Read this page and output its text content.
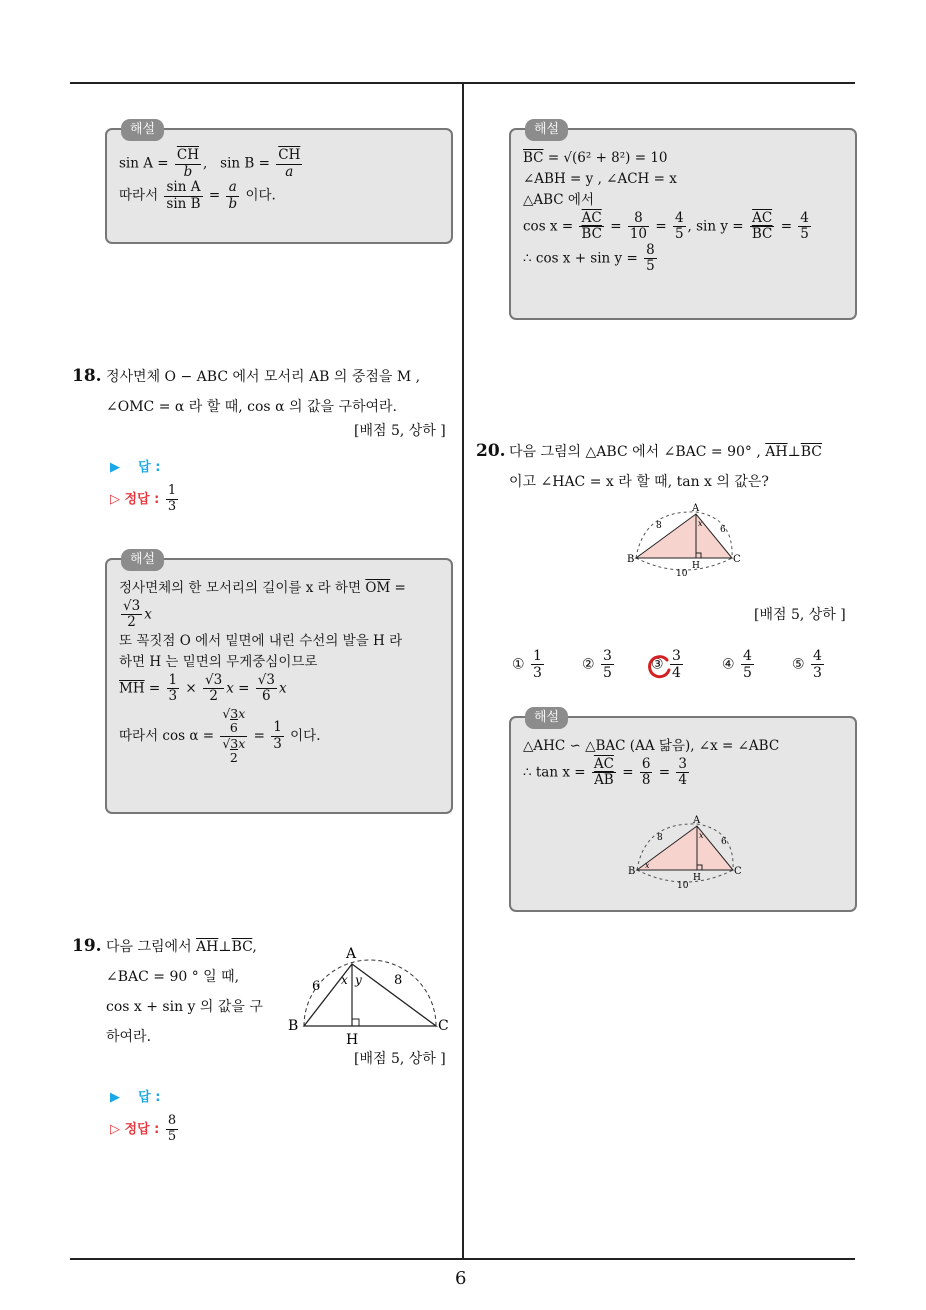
6
해설
$\sin A = \frac{\overline{CH}}{b}$ , $\sin B = \frac{\overline{CH}}{a}$
따라서 $\frac{\text{sin A}}{\text{sin B}} = \frac{a}{b}$ 이다.
18. 정사면체 O − ABC 에서 모서리 AB 의 중점을 M ,
∠OMC = α 라 할 때, cos α 의 값을 구하여라.
[배점 5, 상하 ]
▶ 답 :
▷ 정답 : $\frac{1}{3}$
해설
정사면체의 한 모서리의 길이를 x 라 하면 $\overline{OM}$ =
$\frac{√3}{2}$ x
또 꼭짓점 O 에서 밑면에 내린 수선의 발을 H 라
하면 H 는 밑면의 무게중심이므로
$\overline{MH} = \frac{1}{3} \times \frac{√3}{2}$ $x = \frac{√3}{6}$ x
따라서 cos α =
√3x
6
√3x
2
= $\frac{1}{3}$ 이다.
19. 다음 그림에서 $\overline{AH}\perp\overline{BC}$,
∠BAC = 90 ° 일 때,
cos x + sin y 의 값을 구
하여라.
A
B	C
H
6	8
x y
[배점 5, 상하 ]
▶ 답 :
▷ 정답 : $\frac{8}{5}$
해설
$\overline{BC} = √(6^2 + 8^2) = 10$
∠ABH = y , ∠ACH = x
△ABC 에서
$\cos x = \frac{\overline{AC}}{BC} = \frac{8}{10} = \frac{4}{5}$ , $\sin y = \frac{\overline{AC}}{BC} = \frac{4}{5}$
∴ $\cos x + \sin y = \frac{8}{5}$
20. 다음 그림의 △ABC 에서 ∠BAC = 90° , $\overline{AH}\perp\overline{BC}$
이고 ∠HAC = x 라 할 때, tan x 의 값은?
A
B	C
H
8	6
10
x
[배점 5, 상하 ]
① $\frac{1}{3}$	② $\frac{3}{5}$	③ $\frac{3}{4}$	④ $\frac{4}{5}$	⑤ $\frac{4}{3}$
해설
△AHC ∽ △BAC (AA 닮음), ∠x = ∠ABC
∴ $\tan x = \frac{\overline{AC}}{AB} = \frac{6}{8} = \frac{3}{4}$
A
B	C
H
8	6
10
x
x
